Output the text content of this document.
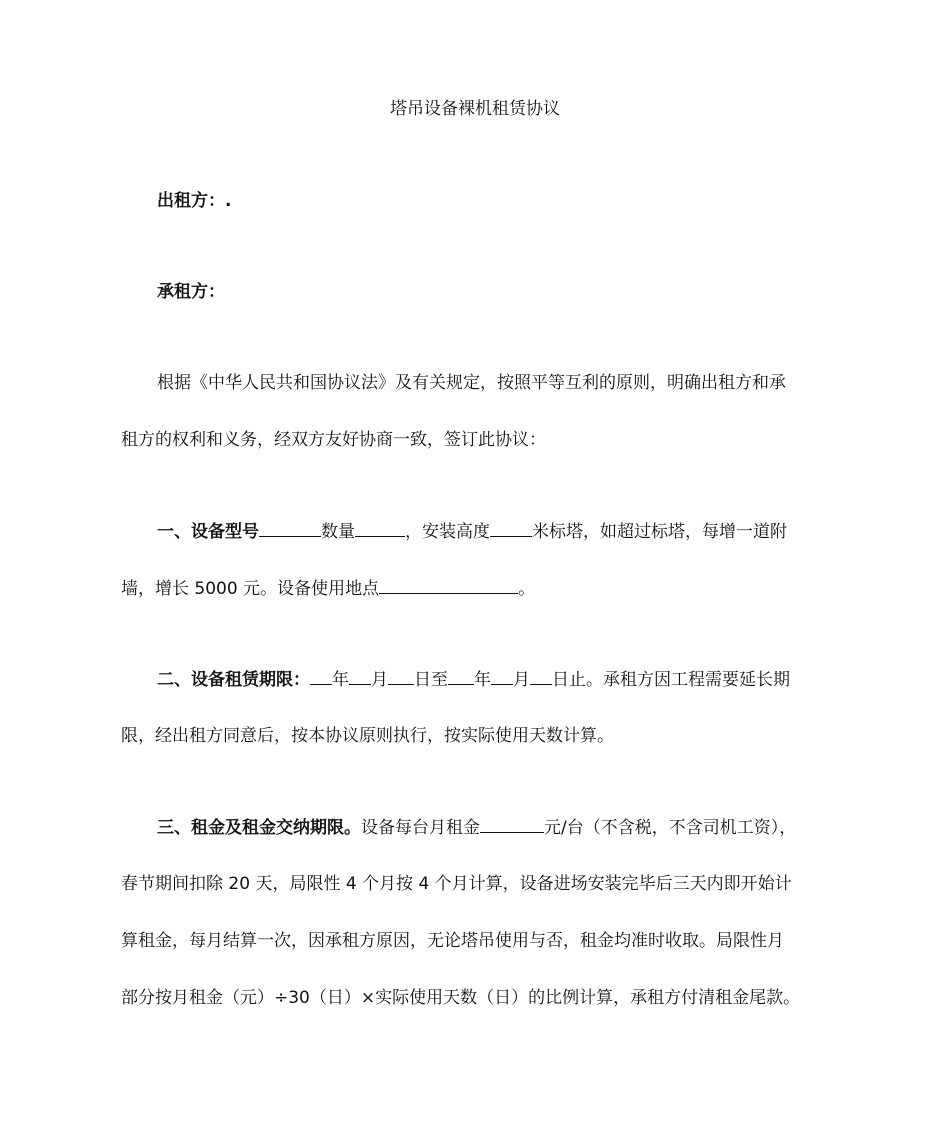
塔吊设备裸机租赁协议
出租方：.
承租方：
根据《中华人民共和国协议法》及有关规定，按照平等互利的原则，明确出租方和承
租方的权利和义务，经双方友好协商一致，签订此协议：
一、设备型号	数量	，安装高度 米标塔，如超过标塔，每增一道附
墙，增长 5000 元。设备使用地点	。
二、设备租赁期限： 年 月 日至 年 月 日止。承租方因工程需要延长期
限，经出租方同意后，按本协议原则执行，按实际使用天数计算。
三、租金及租金交纳期限。设备每台月租金	元/台（不含税，不含司机工资），
春节期间扣除 20 天，局限性 4 个月按 4 个月计算，设备进场安装完毕后三天内即开始计
算租金，每月结算一次，因承租方原因，无论塔吊使用与否，租金均准时收取。局限性月
部分按月租金（元）÷30（日）×实际使用天数（日）的比例计算，承租方付清租金尾款。
